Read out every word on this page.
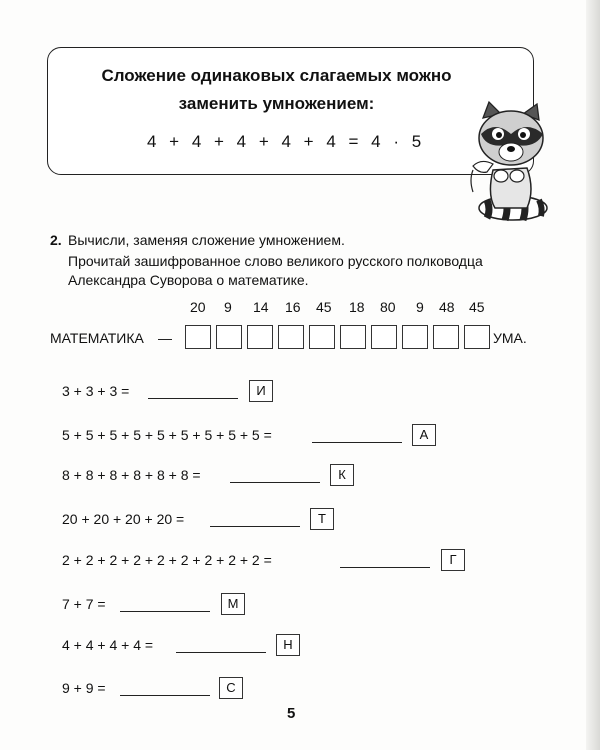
Сложение одинаковых слагаемых можно
заменить умножением:
4 + 4 + 4 + 4 + 4 = 4 · 5
2. Вычисли, заменяя сложение умножением.
Прочитай зашифрованное слово великого русского полководца Александра Суворова о математике.
20 9 14 16 45 18 80 9 48 45
МАТЕМАТИКА —	УМА.
3 + 3 + 3 =	И
5 + 5 + 5 + 5 + 5 + 5 + 5 + 5 + 5 =	А
8 + 8 + 8 + 8 + 8 + 8 =	К
20 + 20 + 20 + 20 =	Т
2 + 2 + 2 + 2 + 2 + 2 + 2 + 2 + 2 =	Г
7 + 7 =	М
4 + 4 + 4 + 4 =	Н
9 + 9 =	С
5
